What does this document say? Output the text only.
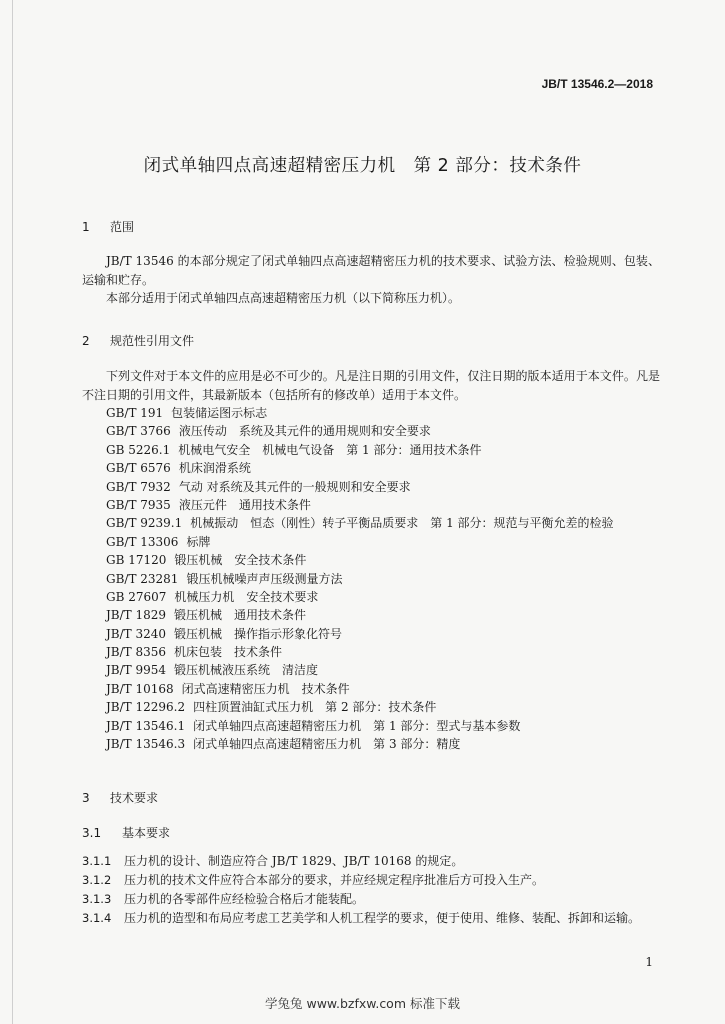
JB/T 13546.2—2018
闭式单轴四点高速超精密压力机　第 2 部分：技术条件
1 范围
JB/T 13546 的本部分规定了闭式单轴四点高速超精密压力机的技术要求、试验方法、检验规则、包装、运输和贮存。
本部分适用于闭式单轴四点高速超精密压力机（以下简称压力机）。
2 规范性引用文件
下列文件对于本文件的应用是必不可少的。凡是注日期的引用文件，仅注日期的版本适用于本文件。凡是不注日期的引用文件，其最新版本（包括所有的修改单）适用于本文件。
GB/T 191 包装储运图示标志
GB/T 3766 液压传动　系统及其元件的通用规则和安全要求
GB 5226.1 机械电气安全　机械电气设备　第 1 部分：通用技术条件
GB/T 6576 机床润滑系统
GB/T 7932 气动 对系统及其元件的一般规则和安全要求
GB/T 7935 液压元件　通用技术条件
GB/T 9239.1 机械振动　恒态（刚性）转子平衡品质要求　第 1 部分：规范与平衡允差的检验
GB/T 13306 标牌
GB 17120 锻压机械　安全技术条件
GB/T 23281 锻压机械噪声声压级测量方法
GB 27607 机械压力机　安全技术要求
JB/T 1829 锻压机械　通用技术条件
JB/T 3240 锻压机械　操作指示形象化符号
JB/T 8356 机床包装　技术条件
JB/T 9954 锻压机械液压系统　清洁度
JB/T 10168 闭式高速精密压力机　技术条件
JB/T 12296.2 四柱顶置油缸式压力机　第 2 部分：技术条件
JB/T 13546.1 闭式单轴四点高速超精密压力机　第 1 部分：型式与基本参数
JB/T 13546.3 闭式单轴四点高速超精密压力机　第 3 部分：精度
3 技术要求
3.1 基本要求
3.1.1 压力机的设计、制造应符合 JB/T 1829、JB/T 10168 的规定。
3.1.2 压力机的技术文件应符合本部分的要求，并应经规定程序批准后方可投入生产。
3.1.3 压力机的各零部件应经检验合格后才能装配。
3.1.4 压力机的造型和布局应考虑工艺美学和人机工程学的要求，便于使用、维修、装配、拆卸和运输。
1
学兔兔 www.bzfxw.com 标准下载
